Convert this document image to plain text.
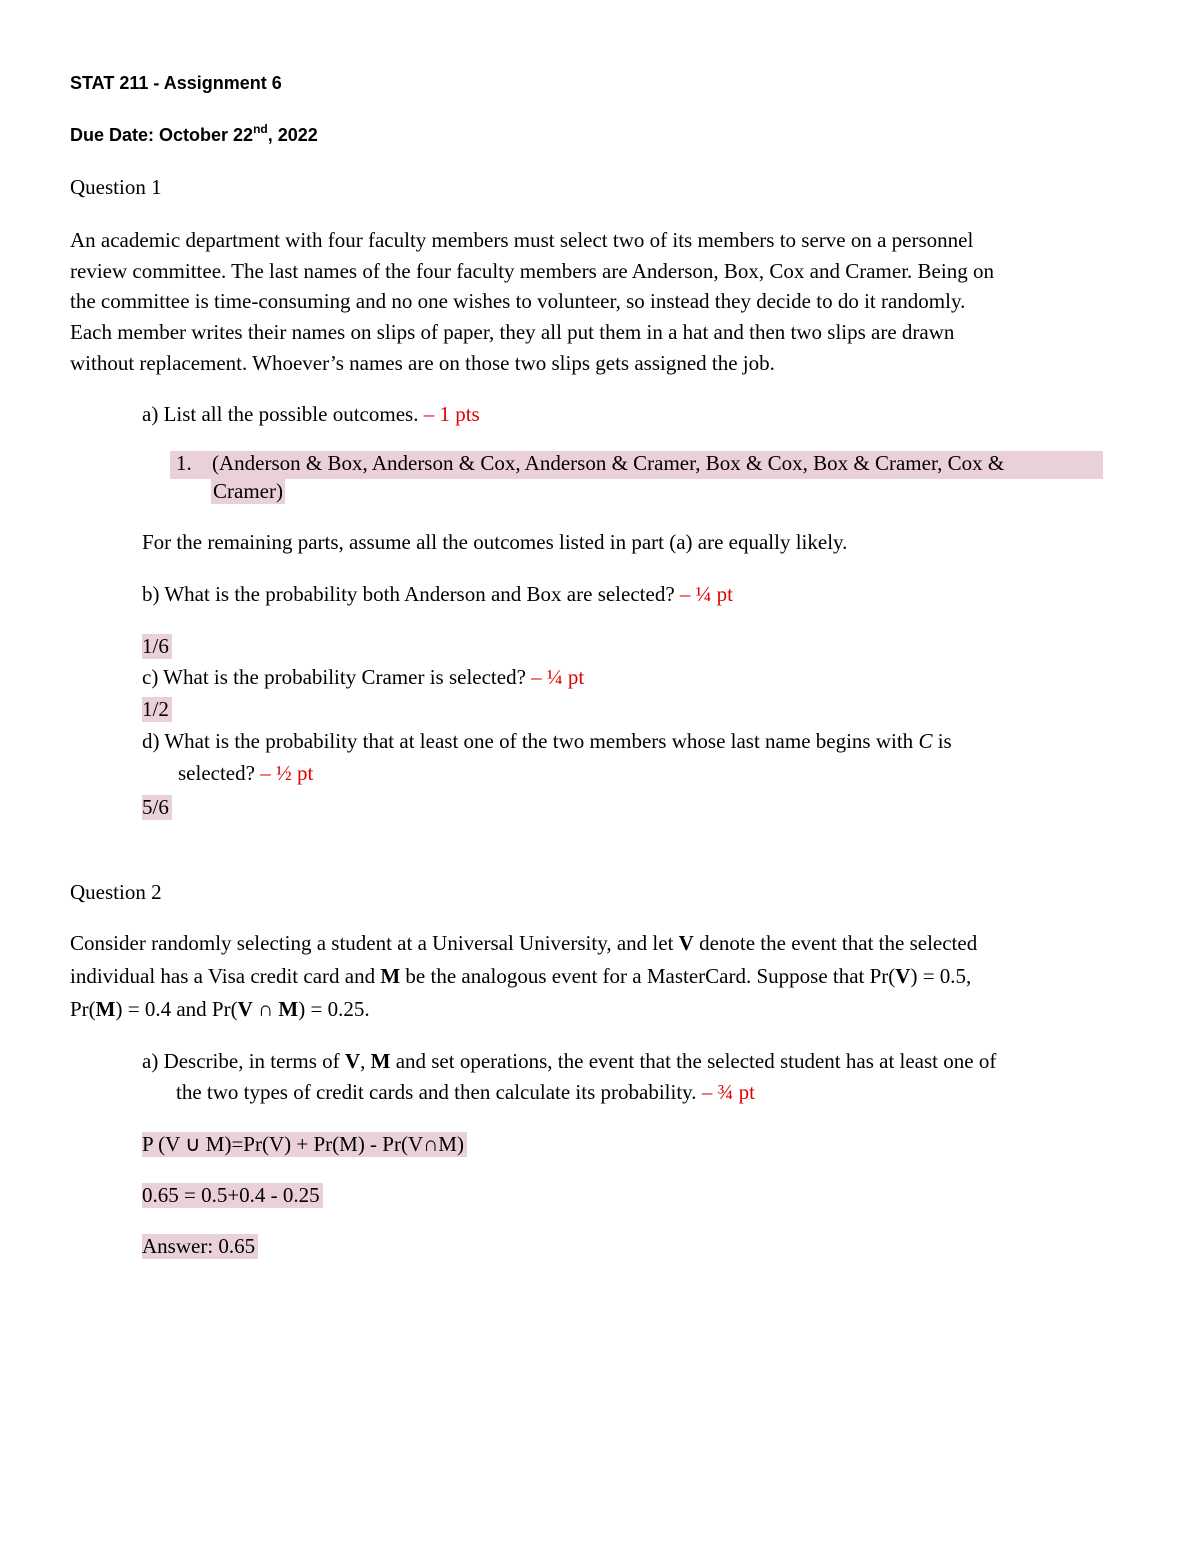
STAT 211 - Assignment 6
Due Date: October 22nd, 2022
Question 1
An academic department with four faculty members must select two of its members to serve on a personnel
review committee. The last names of the four faculty members are Anderson, Box, Cox and Cramer. Being on
the committee is time-consuming and no one wishes to volunteer, so instead they decide to do it randomly.
Each member writes their names on slips of paper, they all put them in a hat and then two slips are drawn
without replacement. Whoever’s names are on those two slips gets assigned the job.
a) List all the possible outcomes. – 1 pts
1. (Anderson & Box, Anderson & Cox, Anderson & Cramer, Box & Cox, Box & Cramer, Cox &
Cramer)
For the remaining parts, assume all the outcomes listed in part (a) are equally likely.
b) What is the probability both Anderson and Box are selected? – ¼ pt
1/6
c) What is the probability Cramer is selected? – ¼ pt
1/2
d) What is the probability that at least one of the two members whose last name begins with C is
selected? – ½ pt
5/6
Question 2
Consider randomly selecting a student at a Universal University, and let V denote the event that the selected
individual has a Visa credit card and M be the analogous event for a MasterCard. Suppose that Pr(V) = 0.5,
Pr(M) = 0.4 and Pr(V ∩ M) = 0.25.
a) Describe, in terms of V, M and set operations, the event that the selected student has at least one of
the two types of credit cards and then calculate its probability. – ¾ pt
P (V ∪ M)=Pr(V) + Pr(M) - Pr(V∩M)
0.65 = 0.5+0.4 - 0.25
Answer: 0.65
